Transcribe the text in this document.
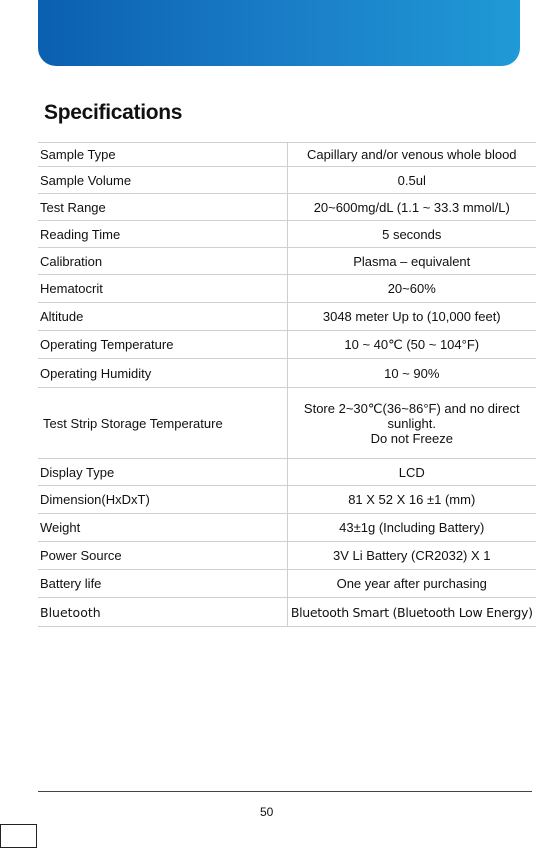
Specifications
Sample Type	Capillary and/or venous whole blood
Sample Volume	0.5ul
Test Range	20~600mg/dL (1.1 ~ 33.3 mmol/L)
Reading Time	5 seconds
Calibration	Plasma – equivalent
Hematocrit	20~60%
Altitude	3048 meter Up to (10,000 feet)
Operating Temperature	10 ~ 40℃ (50 ~ 104°F)
Operating Humidity	10 ~ 90%
Test Strip Storage Temperature	Store 2~30℃(36~86°F) and no direct
sunlight.
Do not Freeze
Display Type	LCD
Dimension(HxDxT)	81 X 52 X 16 ±1 (mm)
Weight	43±1g (Including Battery)
Power Source	3V Li Battery (CR2032) X 1
Battery life	One year after purchasing
Bluetooth	Bluetooth Smart (Bluetooth Low Energy)
50
